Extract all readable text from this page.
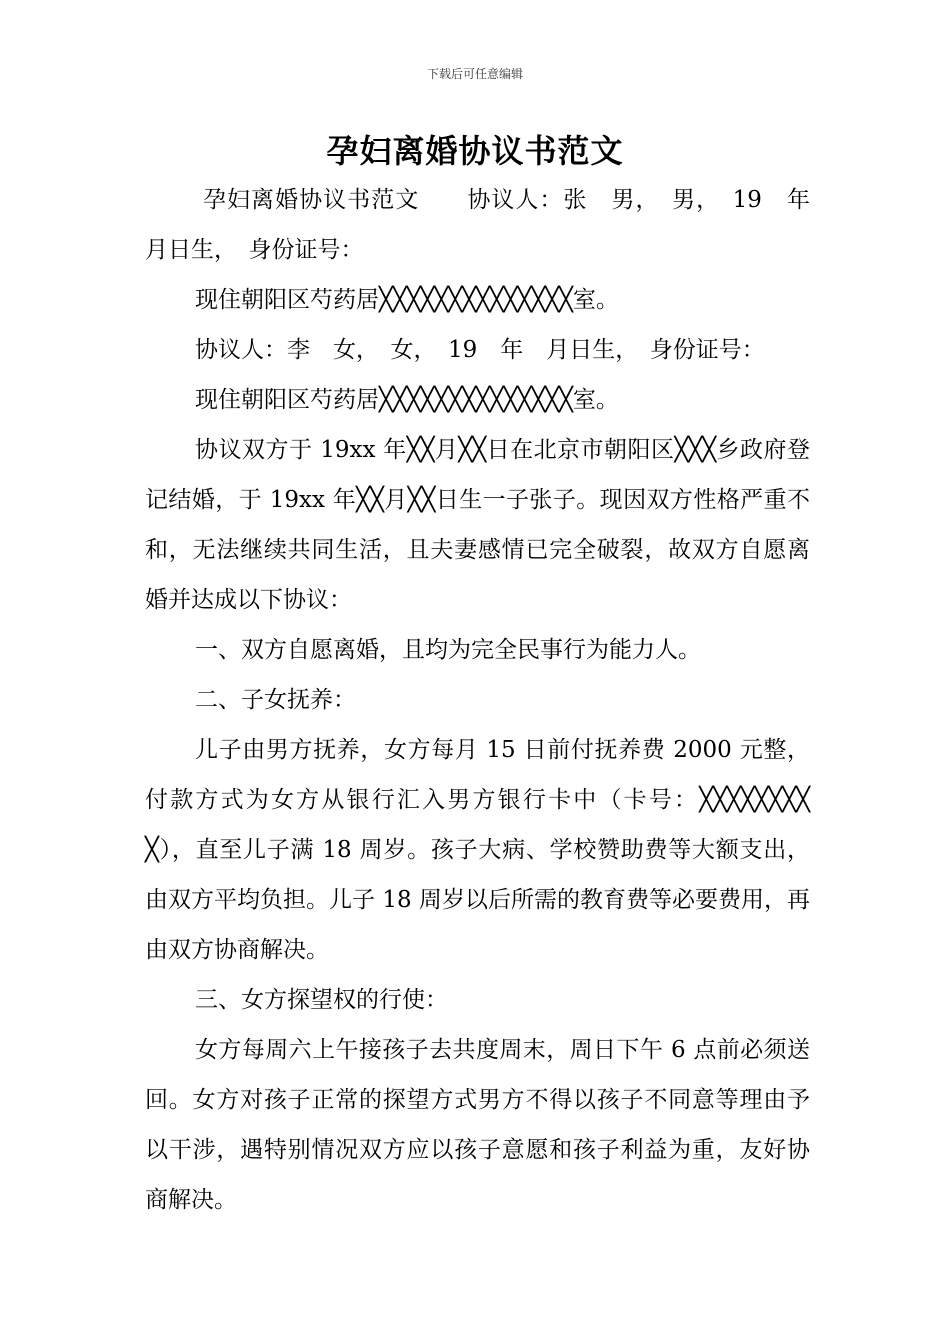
下载后可任意编辑
孕妇离婚协议书范文

孕妇离婚协议书范文　　协议人：张　男，　男，　19　年　月日生，　身份证号：

现住朝阳区芍药居╳╳╳╳╳╳╳╳╳╳╳╳╳╳室。

协议人：李　女，　女，　19　年　月日生，　身份证号：

现住朝阳区芍药居╳╳╳╳╳╳╳╳╳╳╳╳╳╳室。

协议双方于 19xx 年╳╳月╳╳日在北京市朝阳区╳╳╳乡政府登记结婚，于 19xx 年╳╳月╳╳日生一子张子。现因双方性格严重不和，无法继续共同生活，且夫妻感情已完全破裂，故双方自愿离婚并达成以下协议：

一、双方自愿离婚，且均为完全民事行为能力人。

二、子女抚养：

儿子由男方抚养，女方每月 15 日前付抚养费 2000 元整，付款方式为女方从银行汇入男方银行卡中（卡号：╳╳╳╳╳╳╳╳╳），直至儿子满 18 周岁。孩子大病、学校赞助费等大额支出，由双方平均负担。儿子 18 周岁以后所需的教育费等必要费用，再由双方协商解决。

三、女方探望权的行使：

女方每周六上午接孩子去共度周末，周日下午 6 点前必须送回。女方对孩子正常的探望方式男方不得以孩子不同意等理由予以干涉，遇特别情况双方应以孩子意愿和孩子利益为重，友好协商解决。
